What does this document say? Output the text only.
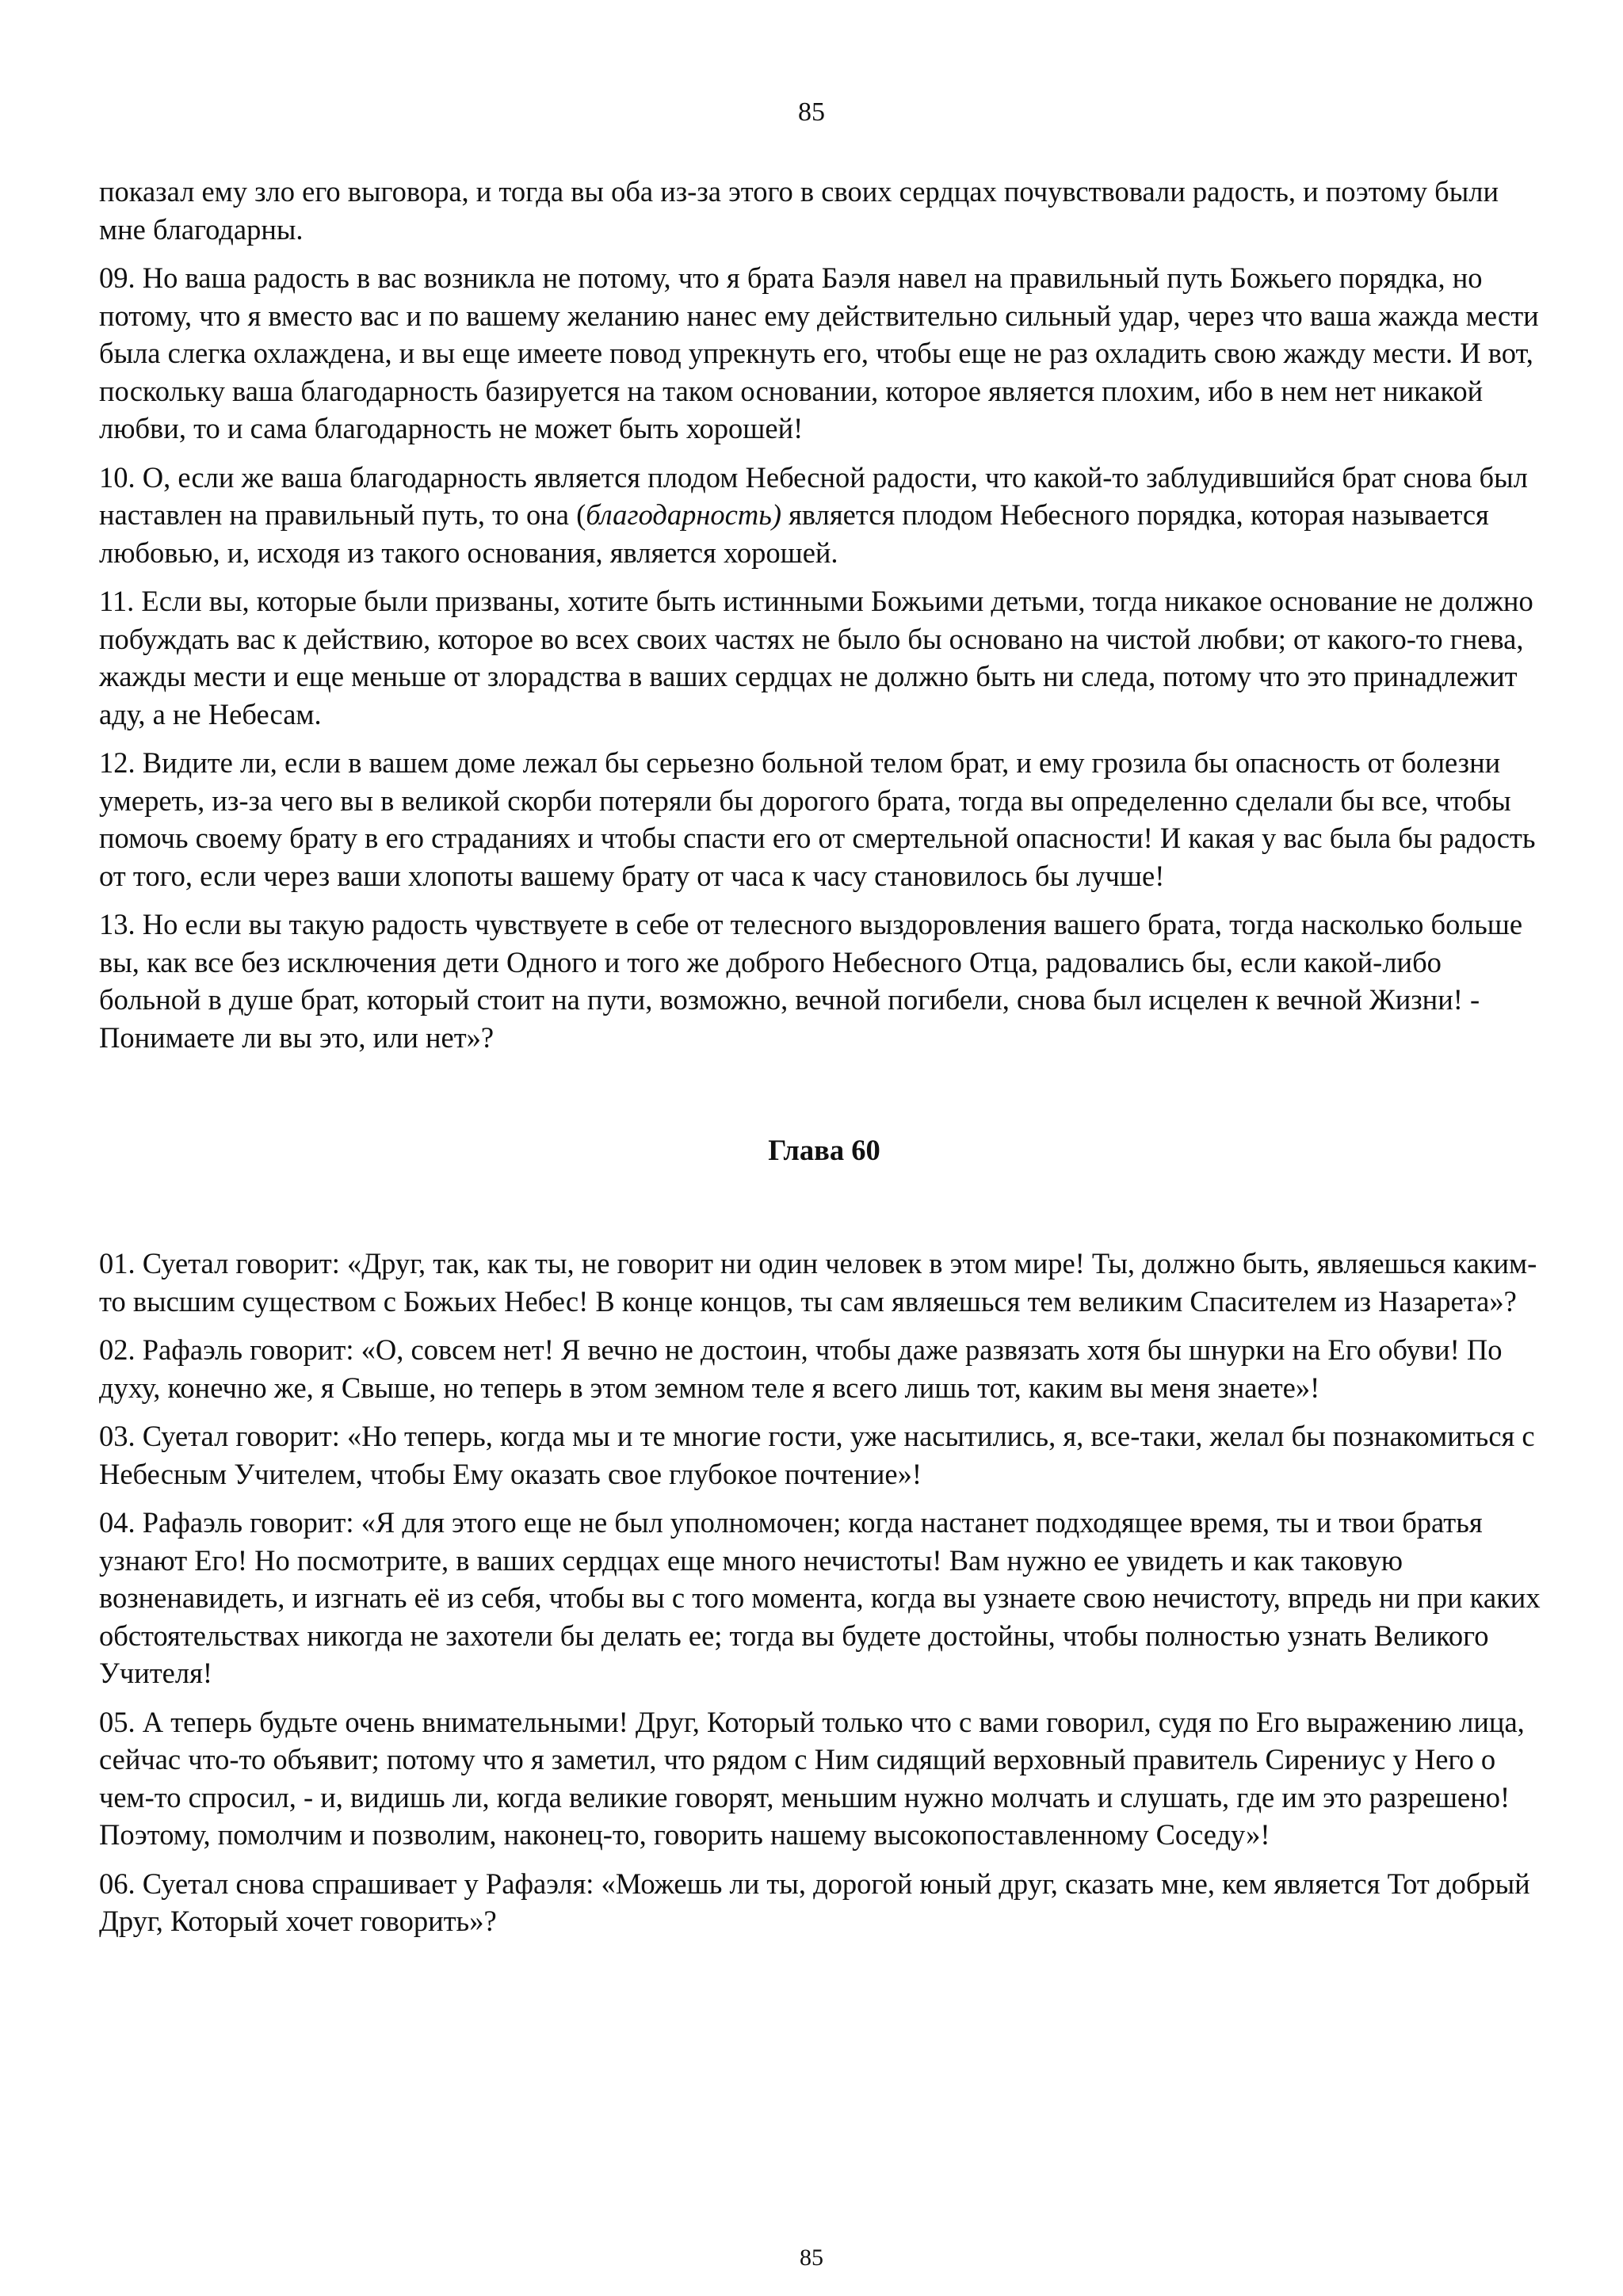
85

показал ему зло его выговора, и тогда вы оба из-за этого в своих сердцах почувствовали радость, и поэтому были мне благодарны.

09. Но ваша радость в вас возникла не потому, что я брата Баэля навел на правильный путь Божьего порядка, но потому, что я вместо вас и по вашему желанию нанес ему действительно сильный удар, через что ваша жажда мести была слегка охлаждена, и вы еще имеете повод упрекнуть его, чтобы еще не раз охладить свою жажду мести. И вот, поскольку ваша благодарность базируется на таком основании, которое является плохим, ибо в нем нет никакой любви, то и сама благодарность не может быть хорошей!

10. О, если же ваша благодарность является плодом Небесной радости, что какой-то заблудившийся брат снова был наставлен на правильный путь, то она (благодарность) является плодом Небесного порядка, которая называется любовью, и, исходя из такого основания, является хорошей.

11. Если вы, которые были призваны, хотите быть истинными Божьими детьми, тогда никакое основание не должно побуждать вас к действию, которое во всех своих частях не было бы основано на чистой любви; от какого-то гнева, жажды мести и еще меньше от злорадства в ваших сердцах не должно быть ни следа, потому что это принадлежит аду, а не Небесам.

12. Видите ли, если в вашем доме лежал бы серьезно больной телом брат, и ему грозила бы опасность от болезни умереть, из-за чего вы в великой скорби потеряли бы дорогого брата, тогда вы определенно сделали бы все, чтобы помочь своему брату в его страданиях и чтобы спасти его от смертельной опасности! И какая у вас была бы радость от того, если через ваши хлопоты вашему брату от часа к часу становилось бы лучше!

13. Но если вы такую радость чувствуете в себе от телесного выздоровления вашего брата, тогда насколько больше вы, как все без исключения дети Одного и того же доброго Небесного Отца, радовались бы, если какой-либо больной в душе брат, который стоит на пути, возможно, вечной погибели, снова был исцелен к вечной Жизни! - Понимаете ли вы это, или нет»?

Глава 60

01. Суетал говорит: «Друг, так, как ты, не говорит ни один человек в этом мире! Ты, должно быть, являешься каким-то высшим существом с Божьих Небес! В конце концов, ты сам являешься тем великим Спасителем из Назарета»?

02. Рафаэль говорит: «О, совсем нет! Я вечно не достоин, чтобы даже развязать хотя бы шнурки на Его обуви! По духу, конечно же, я Свыше, но теперь в этом земном теле я всего лишь тот, каким вы меня знаете»!

03. Суетал говорит: «Но теперь, когда мы и те многие гости, уже насытились, я, все-таки, желал бы познакомиться с Небесным Учителем, чтобы Ему оказать свое глубокое почтение»!

04. Рафаэль говорит: «Я для этого еще не был уполномочен; когда настанет подходящее время, ты и твои братья узнают Его! Но посмотрите, в ваших сердцах еще много нечистоты! Вам нужно ее увидеть и как таковую возненавидеть, и изгнать её из себя, чтобы вы с того момента, когда вы узнаете свою нечистоту, впредь ни при каких обстоятельствах никогда не захотели бы делать ее; тогда вы будете достойны, чтобы полностью узнать Великого Учителя!

05. А теперь будьте очень внимательными! Друг, Который только что с вами говорил, судя по Его выражению лица, сейчас что-то объявит; потому что я заметил, что рядом с Ним сидящий верховный правитель Сирениус у Него о чем-то спросил, - и, видишь ли, когда великие говорят, меньшим нужно молчать и слушать, где им это разрешено! Поэтому, помолчим и позволим, наконец-то, говорить нашему высокопоставленному Соседу»!

06. Суетал снова спрашивает у Рафаэля: «Можешь ли ты, дорогой юный друг, сказать мне, кем является Тот добрый Друг, Который хочет говорить»?

85
